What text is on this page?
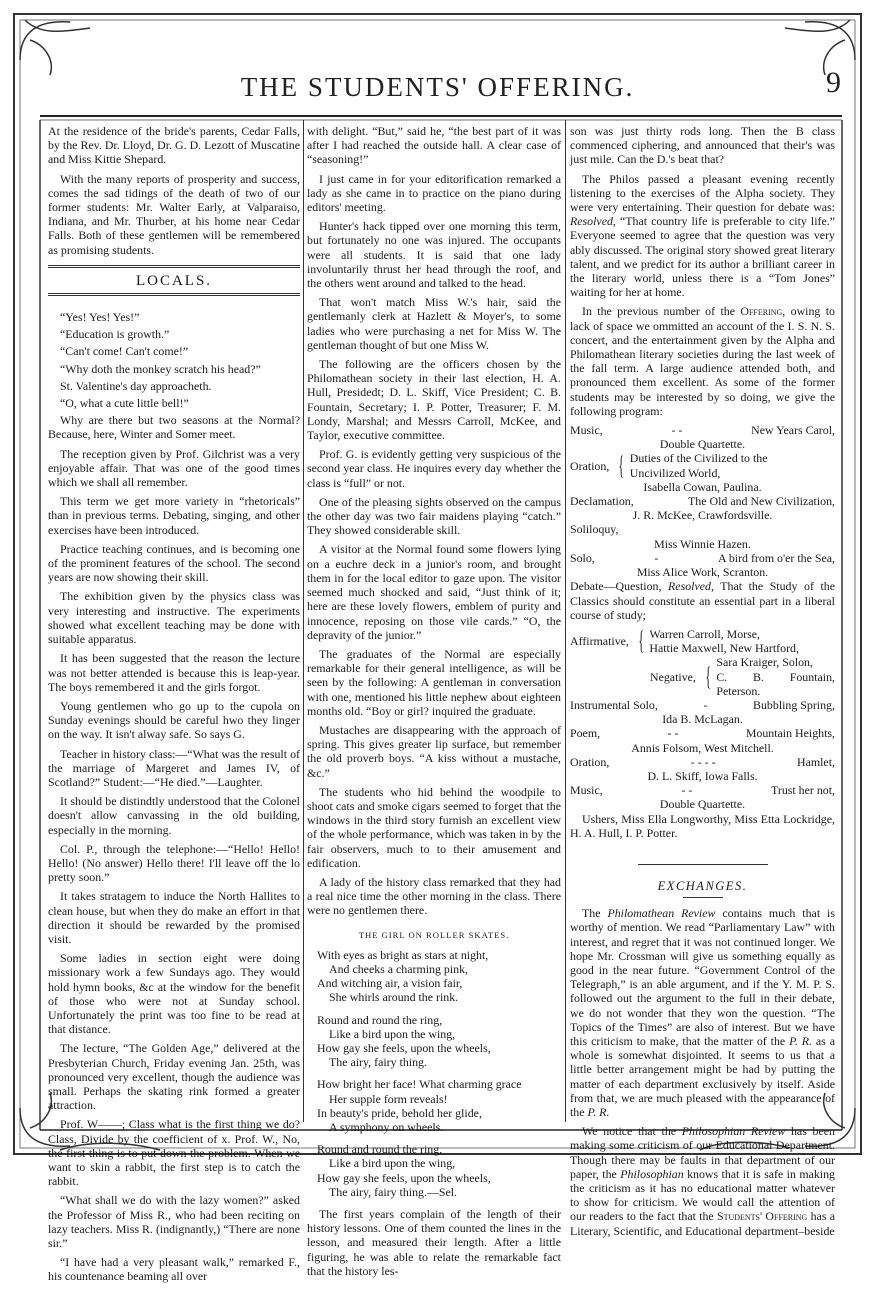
THE STUDENTS' OFFERING.	9

At the residence of the bride's parents, Cedar Falls, by the Rev. Dr. Lloyd, Dr. G. D. Lezott of Muscatine and Miss Kittie Shepard.

With the many reports of prosperity and success, comes the sad tidings of the death of two of our former students: Mr. Walter Early, at Valparaiso, Indiana, and Mr. Thurber, at his home near Cedar Falls. Both of these gentlemen will be remembered as promising students.

LOCALS.

“Yes! Yes! Yes!”

“Education is growth.”

“Can't come! Can't come!”

“Why doth the monkey scratch his head?”

St. Valentine's day approacheth.

“O, what a cute little bell!”

Why are there but two seasons at the Normal? Because, here, Winter and Somer meet.

The reception given by Prof. Gilchrist was a very enjoyable affair. That was one of the good times which we shall all remember.

This term we get more variety in “rhetoricals” than in previous terms. Debating, singing, and other exercises have been introduced.

Practice teaching continues, and is becoming one of the prominent features of the school. The second years are now showing their skill.

The exhibition given by the physics class was very interesting and instructive. The experiments showed what excellent teaching may be done with suitable apparatus.

It has been suggested that the reason the lecture was not better attended is because this is leap-year. The boys remembered it and the girls forgot.

Young gentlemen who go up to the cupola on Sunday evenings should be careful hwo they linger on the way. It isn't alway safe. So says G.

Teacher in history class:—“What was the result of the marriage of Margeret and James IV, of Scotland?” Student:—“He died.”—Laughter.

It should be distindtly understood that the Colonel doesn't allow canvassing in the old building, especially in the morning.

Col. P., through the telephone:—“Hello! Hello! Hello! (No answer) Hello there! I'll leave off the lo pretty soon.”

It takes stratagem to induce the North Hallites to clean house, but when they do make an effort in that direction it should be rewarded by the promised visit.

Some ladies in section eight were doing missionary work a few Sundays ago. They would hold hymn books, &c at the window for the benefit of those who were not at Sunday school. Unfortunately the print was too fine to be read at that distance.

The lecture, “The Golden Age,” delivered at the Presbyterian Church, Friday evening Jan. 25th, was pronounced very excellent, though the audience was small. Perhaps the skating rink formed a greater attraction.

Prof. W——; Class what is the first thing we do? Class, Divide by the coefficient of x. Prof. W., No, the first thing is to put down the problem. When we want to skin a rabbit, the first step is to catch the rabbit.

“What shall we do with the lazy women?” asked the Professor of Miss R., who had been reciting on lazy teachers. Miss R. (indignantly,) “There are none sir.”

“I have had a very pleasant walk,” remarked F., his countenance beaming all over

with delight. “But,” said he, “the best part of it was after I had reached the outside hall. A clear case of “seasoning!”

I just came in for your editorification remarked a lady as she came in to practice on the piano during editors' meeting.

Hunter's hack tipped over one morning this term, but fortunately no one was injured. The occupants were all students. It is said that one lady involuntarily thrust her head through the roof, and the others went around and talked to the head.

That won't match Miss W.'s hair, said the gentlemanly clerk at Hazlett & Moyer's, to some ladies who were purchasing a net for Miss W. The gentleman thought of but one Miss W.

The following are the officers chosen by the Philomathean society in their last election, H. A. Hull, Presidedt; D. L. Skiff, Vice President; C. B. Fountain, Secretary; I. P. Potter, Treasurer; F. M. Londy, Marshal; and Messrs Carroll, McKee, and Taylor, executive committee.

Prof. G. is evidently getting very suspicious of the second year class. He inquires every day whether the class is “full” or not.

One of the pleasing sights observed on the campus the other day was two fair maidens playing “catch.” They showed considerable skill.

A visitor at the Normal found some flowers lying on a euchre deck in a junior's room, and brought them in for the local editor to gaze upon. The visitor seemed much shocked and said, “Just think of it; here are these lovely flowers, emblem of purity and innocence, reposing on those vile cards.” “O, the depravity of the junior.”

The graduates of the Normal are especially remarkable for their general intelligence, as will be seen by the following: A gentleman in conversation with one, mentioned his little nephew about eighteen months old. “Boy or girl? inquired the graduate.

Mustaches are disappearing with the approach of spring. This gives greater lip surface, but remember the old proverb boys. “A kiss without a mustache, &c.”

The students who hid behind the woodpile to shoot cats and smoke cigars seemed to forget that the windows in the third story furnish an excellent view of the whole performance, which was taken in by the fair observers, much to to their amusement and edification.

A lady of the history class remarked that they had a real nice time the other morning in the class. There were no gentlemen there.

THE GIRL ON ROLLER SKATES.
With eyes as bright as stars at night,
And cheeks a charming pink,
And witching air, a vision fair,
She whirls around the rink.
Round and round the ring,
Like a bird upon the wing,
How gay she feels, upon the wheels,
The airy, fairy thing.
How bright her face! What charming grace
Her supple form reveals!
In beauty's pride, behold her glide,
A symphony on wheels.
Round and round the ring,
Like a bird upon the wing,
How gay she feels, upon the wheels,
The airy, fairy thing.—Sel.

The first years complain of the length of their history lessons. One of them counted the lines in the lesson, and measured their length. After a little figuring, he was able to relate the remarkable fact that the history les-

son was just thirty rods long. Then the B class commenced ciphering, and announced that their's was just mile. Can the D.'s beat that?

The Philos passed a pleasant evening recently listening to the exercises of the Alpha society. They were very entertaining. Their question for debate was: Resolved, “That country life is preferable to city life.” Everyone seemed to agree that the question was very ably discussed. The original story showed great literary talent, and we predict for its author a brilliant career in the literary world, unless there is a “Tom Jones” waiting for her at home.

In the previous number of the Offering, owing to lack of space we ommitted an account of the I. S. N. S. concert, and the entertainment given by the Alpha and Philomathean literary societies during the last week of the fall term. A large audience attended both, and pronounced them excellent. As some of the former students may be interested by so doing, we give the following program:

Music,	- -	New Years Carol,
Double Quartette.
Oration, { Duties of the Civilized to the
Uncivilized World,
Isabella Cowan, Paulina.
Declamation,	The Old and New Civilization,
J. R. McKee, Crawfordsville.
Soliloquy,
Miss Winnie Hazen.
Solo,	-	A bird from o'er the Sea,
Miss Alice Work, Scranton.

Debate—Question, Resolved, That the Study of the Classics should constitute an essential part in a liberal course of study;

Affirmative, { Warren Carroll, Morse,
Hattie Maxwell, New Hartford,
Negative, { Sara Kraiger, Solon,
C. B. Fountain, Peterson.
Instrumental Solo,	-	Bubbling Spring,
Ida B. McLagan.
Poem,	- -	Mountain Heights,
Annis Folsom, West Mitchell.
Oration,	- - - -	Hamlet,
D. L. Skiff, Iowa Falls.
Music,	- -	Trust her not,
Double Quartette.

Ushers, Miss Ella Longworthy, Miss Etta Lockridge, H. A. Hull, I. P. Potter.

EXCHANGES.

The Philomathean Review contains much that is worthy of mention. We read “Parliamentary Law” with interest, and regret that it was not continued longer. We hope Mr. Crossman will give us something equally as good in the near future. “Government Control of the Telegraph,” is an able argument, and if the Y. M. P. S. followed out the argument to the full in their debate, we do not wonder that they won the question. “The Topics of the Times” are also of interest. But we have this criticism to make, that the matter of the P. R. as a whole is somewhat disjointed. It seems to us that a little better arrangement might be had by putting the matter of each department exclusively by itself. Aside from that, we are much pleased with the appearance of the P. R.

We notice that the Philosophian Review has been making some criticism of our Educational Department. Though there may be faults in that department of our paper, the Philosophian knows that it is safe in making the criticism as it has no educational matter whatever to show for criticism. We would call the attention of our readers to the fact that the Students' Offering has a Literary, Scientific, and Educational department–beside
